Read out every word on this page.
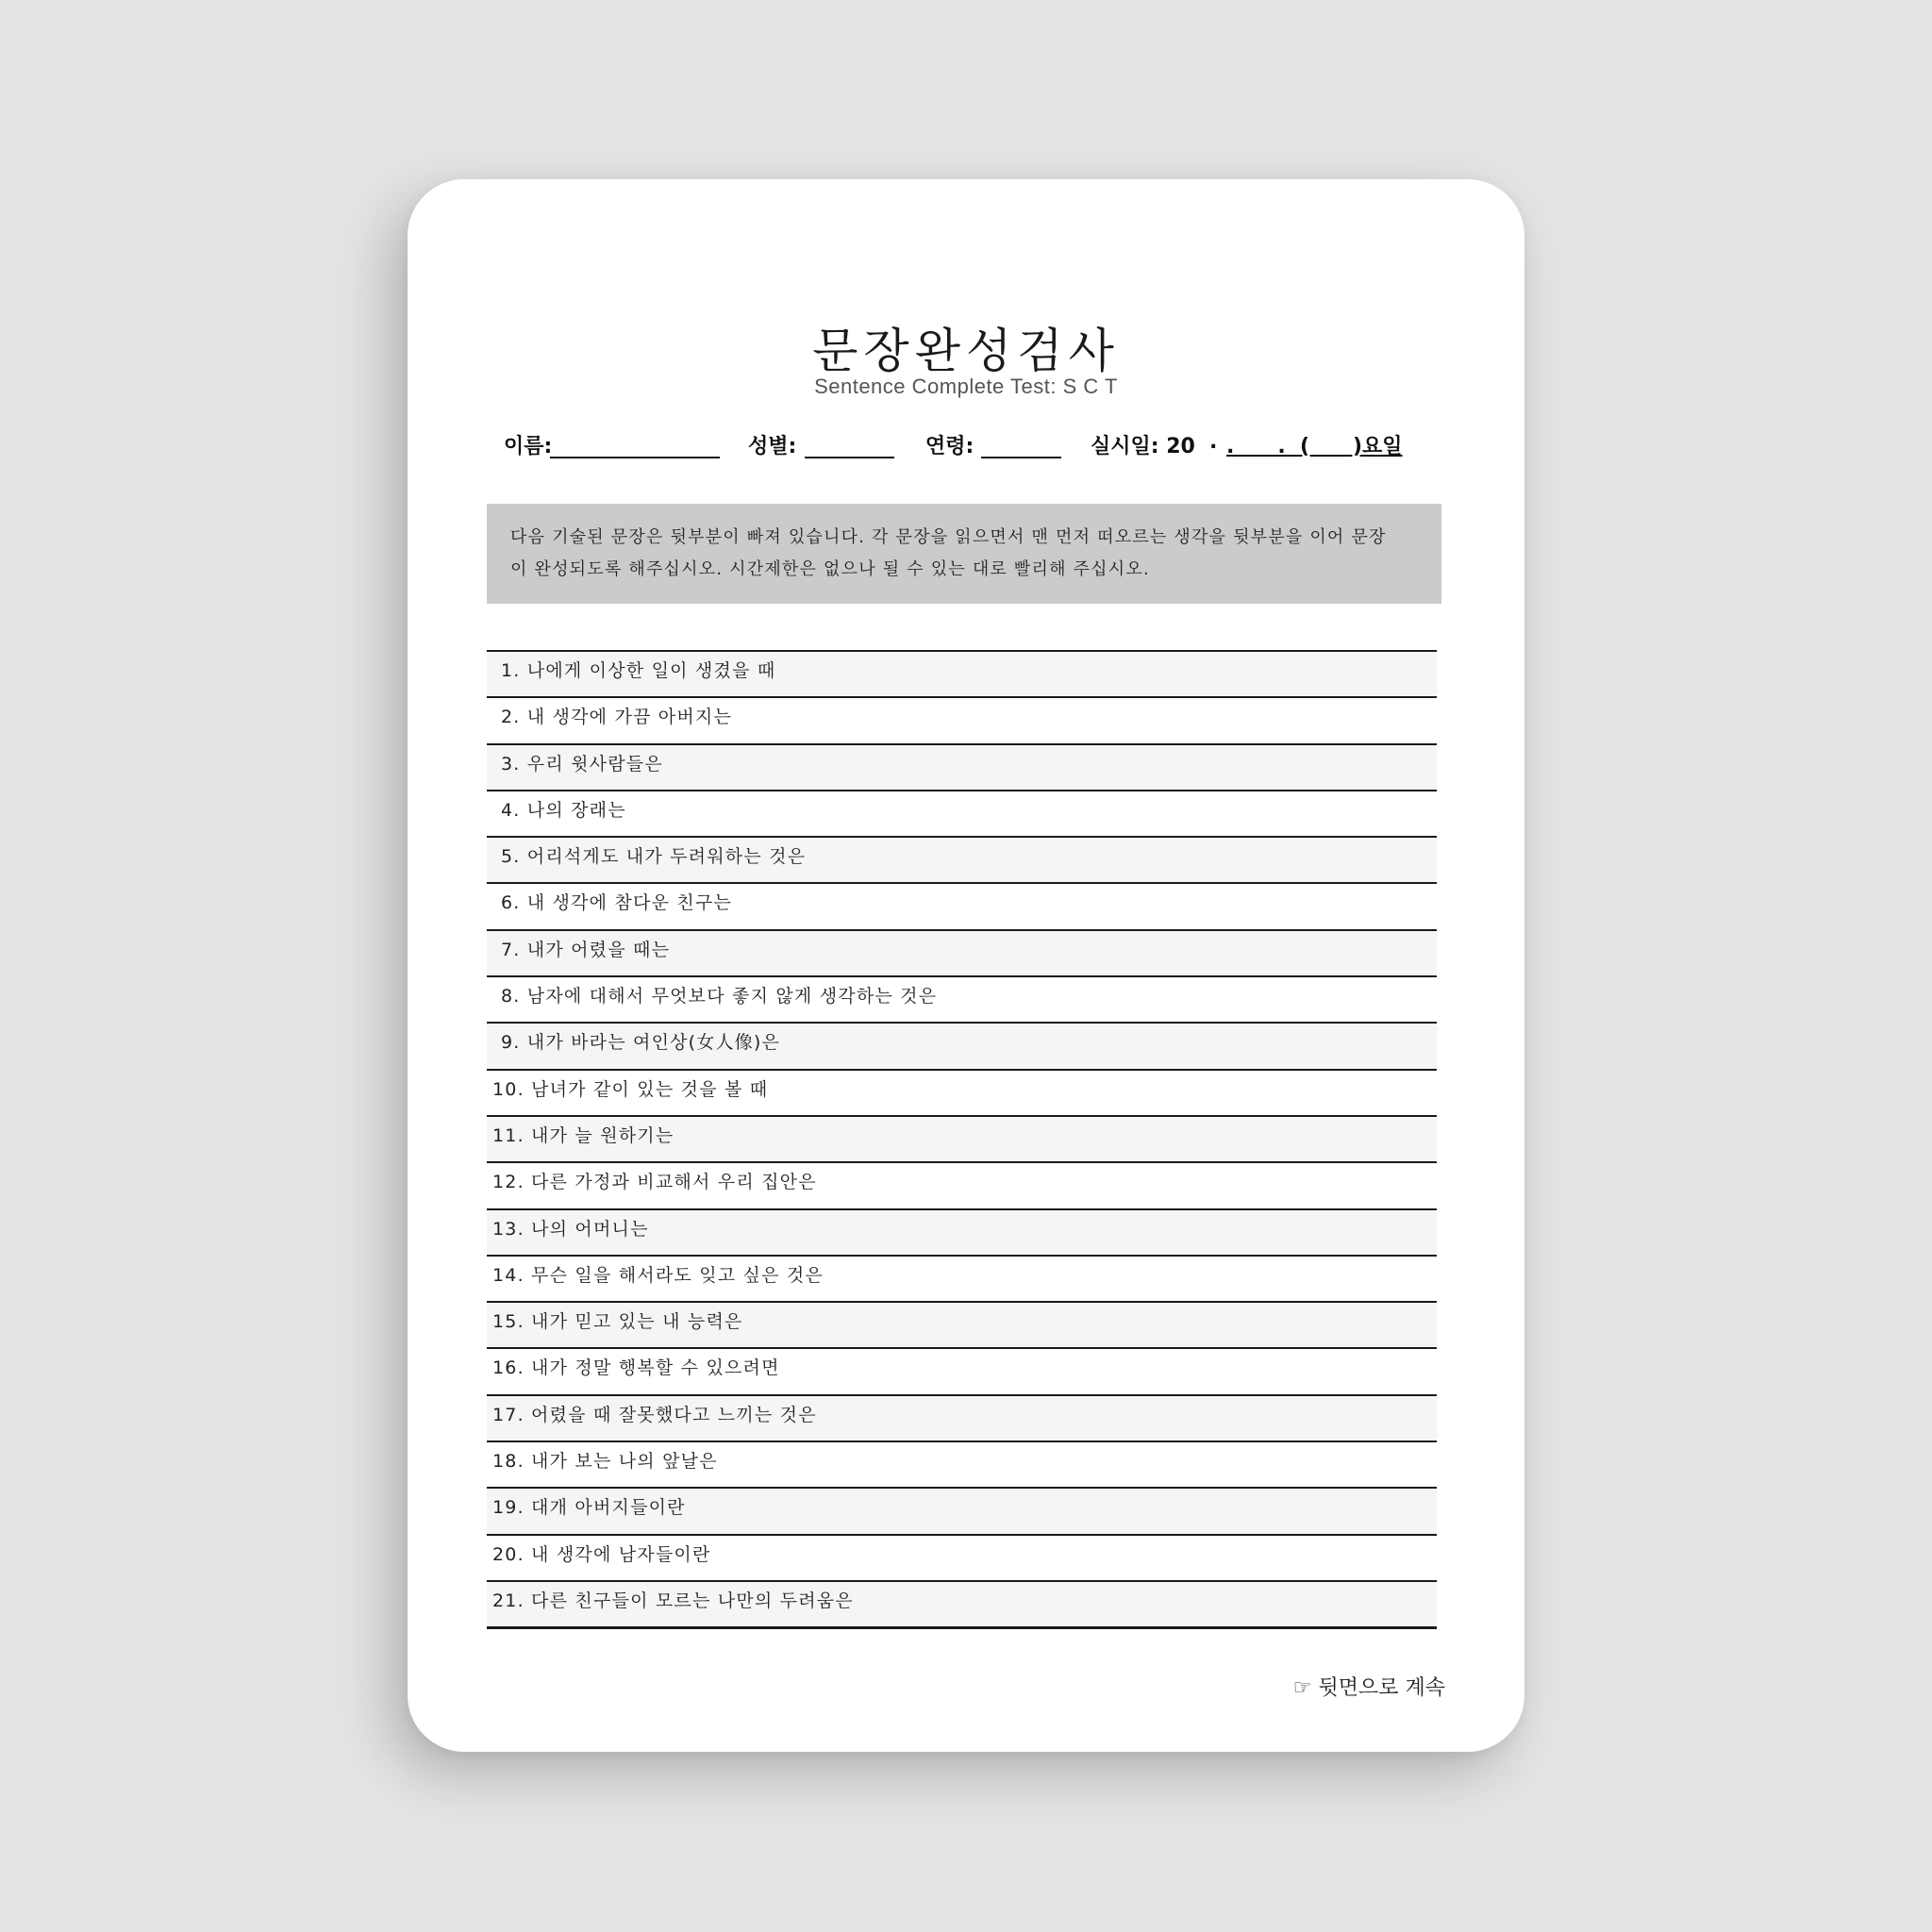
문장완성검사
Sentence Complete Test: S C T
이름:	성별:	연령:	실시일: 20 . .      .  (      )요일
다음 기술된 문장은 뒷부분이 빠져 있습니다. 각 문장을 읽으면서 맨 먼저 떠오르는 생각을 뒷부분을 이어 문장
이 완성되도록 해주십시오. 시간제한은 없으나 될 수 있는 대로 빨리해 주십시오.
1. 나에게 이상한 일이 생겼을 때
2. 내 생각에 가끔 아버지는
3. 우리 윗사람들은
4. 나의 장래는
5. 어리석게도 내가 두려워하는 것은
6. 내 생각에 참다운 친구는
7. 내가 어렸을 때는
8. 남자에 대해서 무엇보다 좋지 않게 생각하는 것은
9. 내가 바라는 여인상(女人像)은
10. 남녀가 같이 있는 것을 볼 때
11. 내가 늘 원하기는
12. 다른 가정과 비교해서 우리 집안은
13. 나의 어머니는
14. 무슨 일을 해서라도 잊고 싶은 것은
15. 내가 믿고 있는 내 능력은
16. 내가 정말 행복할 수 있으려면
17. 어렸을 때 잘못했다고 느끼는 것은
18. 내가 보는 나의 앞날은
19. 대개 아버지들이란
20. 내 생각에 남자들이란
21. 다른 친구들이 모르는 나만의 두려움은
☞ 뒷면으로 계속
